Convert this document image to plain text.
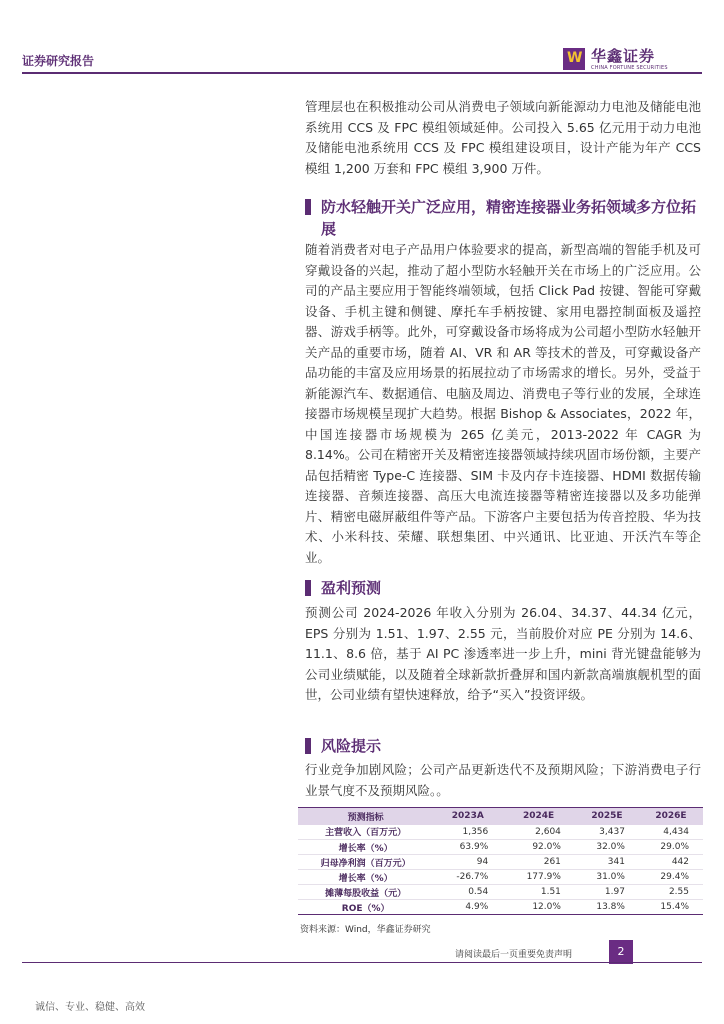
证券研究报告	W 华鑫证券
CHINA FORTUNE SECURITIES

管理层也在积极推动公司从消费电子领域向新能源动力电池及储能电池系统用 CCS 及 FPC 模组领域延伸。公司投入 5.65 亿元用于动力电池及储能电池系统用 CCS 及 FPC 模组建设项目，设计产能为年产 CCS 模组 1,200 万套和 FPC 模组 3,900 万件。

防水轻触开关广泛应用，精密连接器业务拓领域多方位拓展

随着消费者对电子产品用户体验要求的提高，新型高端的智能手机及可穿戴设备的兴起，推动了超小型防水轻触开关在市场上的广泛应用。公司的产品主要应用于智能终端领域，包括 Click Pad 按键、智能可穿戴设备、手机主键和侧键、摩托车手柄按键、家用电器控制面板及遥控器、游戏手柄等。此外，可穿戴设备市场将成为公司超小型防水轻触开关产品的重要市场，随着 AI、VR 和 AR 等技术的普及，可穿戴设备产品功能的丰富及应用场景的拓展拉动了市场需求的增长。另外，受益于新能源汽车、数据通信、电脑及周边、消费电子等行业的发展，全球连接器市场规模呈现扩大趋势。根据 Bishop & Associates，2022 年，中国连接器市场规模为 265 亿美元，2013-2022 年 CAGR 为 8.14%。公司在精密开关及精密连接器领域持续巩固市场份额，主要产品包括精密 Type-C 连接器、SIM 卡及内存卡连接器、HDMI 数据传输连接器、音频连接器、高压大电流连接器等精密连接器以及多功能弹片、精密电磁屏蔽组件等产品。下游客户主要包括为传音控股、华为技术、小米科技、荣耀、联想集团、中兴通讯、比亚迪、开沃汽车等企业。

盈利预测

预测公司 2024-2026 年收入分别为 26.04、34.37、44.34 亿元，EPS 分别为 1.51、1.97、2.55 元，当前股价对应 PE 分别为 14.6、11.1、8.6 倍，基于 AI PC 渗透率进一步上升，mini 背光键盘能够为公司业绩赋能，以及随着全球新款折叠屏和国内新款高端旗舰机型的面世，公司业绩有望快速释放，给予“买入”投资评级。

风险提示

行业竞争加剧风险；公司产品更新迭代不及预期风险；下游消费电子行业景气度不及预期风险。。

预测指标	2023A	2024E	2025E	2026E
主营收入（百万元）	1,356	2,604	3,437	4,434
增长率（%）	63.9%	92.0%	32.0%	29.0%
归母净利润（百万元）	94	261	341	442
增长率（%）	-26.7%	177.9%	31.0%	29.4%
摊薄每股收益（元）	0.54	1.51	1.97	2.55
ROE（%）	4.9%	12.0%	13.8%	15.4%
资料来源：Wind，华鑫证券研究
请阅读最后一页重要免责声明	2
诚信、专业、稳健、高效
